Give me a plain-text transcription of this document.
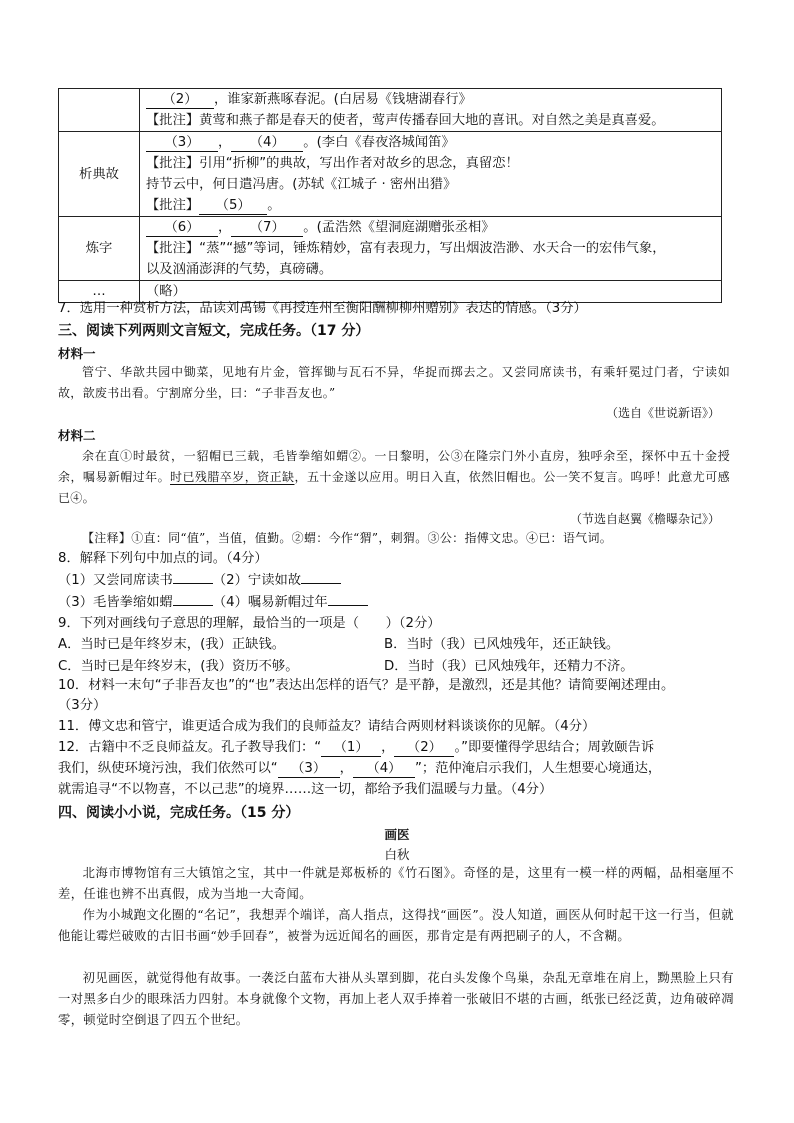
	（2） ，谁家新燕啄春泥。(白居易《钱塘湖春行》
【批注】黄莺和燕子都是春天的使者，莺声传播春回大地的喜讯。对自然之美是真喜爱。

析典故	（3） ， （4） 。(李白《春夜洛城闻笛》
【批注】引用“折柳”的典故，写出作者对故乡的思念，真留恋！
持节云中，何日遣冯唐。(苏轼《江城子 · 密州出猎》
【批注】 （5） 。

炼字	（6） ， （7） 。(孟浩然《望洞庭湖赠张丞相》
【批注】“蒸”“撼”等词，锤炼精妙，富有表现力，写出烟波浩渺、水天合一的宏伟气象，
以及汹涌澎湃的气势，真磅礴。

…	（略）
7．选用一种赏析方法，品读刘禹锡《再授连州至衡阳酬柳柳州赠别》表达的情感。（3分）
三、阅读下列两则文言短文，完成任务。（17 分）
材料一
管宁、华歆共园中锄菜，见地有片金，管挥锄与瓦石不异，华捉而掷去之。又尝同席读书，有乘轩冕过门者，宁读如故，歆废书出看。宁割席分坐，曰：“子非吾友也。”
（选自《世说新语》）
材料二
余在直①时最贫，一貂帽已三载，毛皆拳缩如蝟②。一日黎明，公③在隆宗门外小直房，独呼余至，探怀中五十金授余，嘱易新帽过年。时已残腊卒岁，资正缺，五十金遂以应用。明日入直，依然旧帽也。公一笑不复言。呜呼！此意尤可感已④。
（节选自赵翼《檐曝杂记》）
【注释】①直：同“值”，当值，值勤。②蝟：今作“猬”，刺猬。③公：指傅文忠。④已：语气词。
8．解释下列句中加点的词。（4分）
（1）又尝同席读书	（2）宁读如故
（3）毛皆拳缩如蝟	（4）嘱易新帽过年
9．下列对画线句子意思的理解，最恰当的一项是（　　）（2分）
A．当时已是年终岁末，(我）正缺钱。	B．当时（我）已风烛残年，还正缺钱。
C．当时已是年终岁末，(我）资历不够。	D．当时（我）已风烛残年，还精力不济。
10．材料一末句“子非吾友也”的“也”表达出怎样的语气？是平静，是激烈，还是其他？请简要阐述理由。
（3分）
11．傅文忠和管宁，谁更适合成为我们的良师益友？请结合两则材料谈谈你的见解。（4分）
12．古籍中不乏良师益友。孔子教导我们：“ （1） ， （2） 。”即要懂得学思结合；周敦颐告诉
我们，纵使环境污浊，我们依然可以“ （3） ， （4） ”；范仲淹启示我们，人生想要心境通达，
就需追寻“不以物喜，不以己悲”的境界……这一切，都给予我们温暖与力量。（4分）
四、阅读小小说，完成任务。（15 分）
画医
白秋
北海市博物馆有三大镇馆之宝，其中一件就是郑板桥的《竹石图》。奇怪的是，这里有一模一样的两幅，品相毫厘不差，任谁也辨不出真假，成为当地一大奇闻。
作为小城跑文化圈的“名记”，我想弄个端详，高人指点，这得找“画医”。没人知道，画医从何时起干这一行当，但就他能让霉烂破败的古旧书画“妙手回春”，被誉为远近闻名的画医，那肯定是有两把刷子的人，不含糊。
初见画医，就觉得他有故事。一袭泛白蓝布大褂从头罩到脚，花白头发像个鸟巢，杂乱无章堆在肩上，黝黑脸上只有一对黑多白少的眼珠活力四射。本身就像个文物，再加上老人双手捧着一张破旧不堪的古画，纸张已经泛黄，边角破碎凋零，顿觉时空倒退了四五个世纪。
